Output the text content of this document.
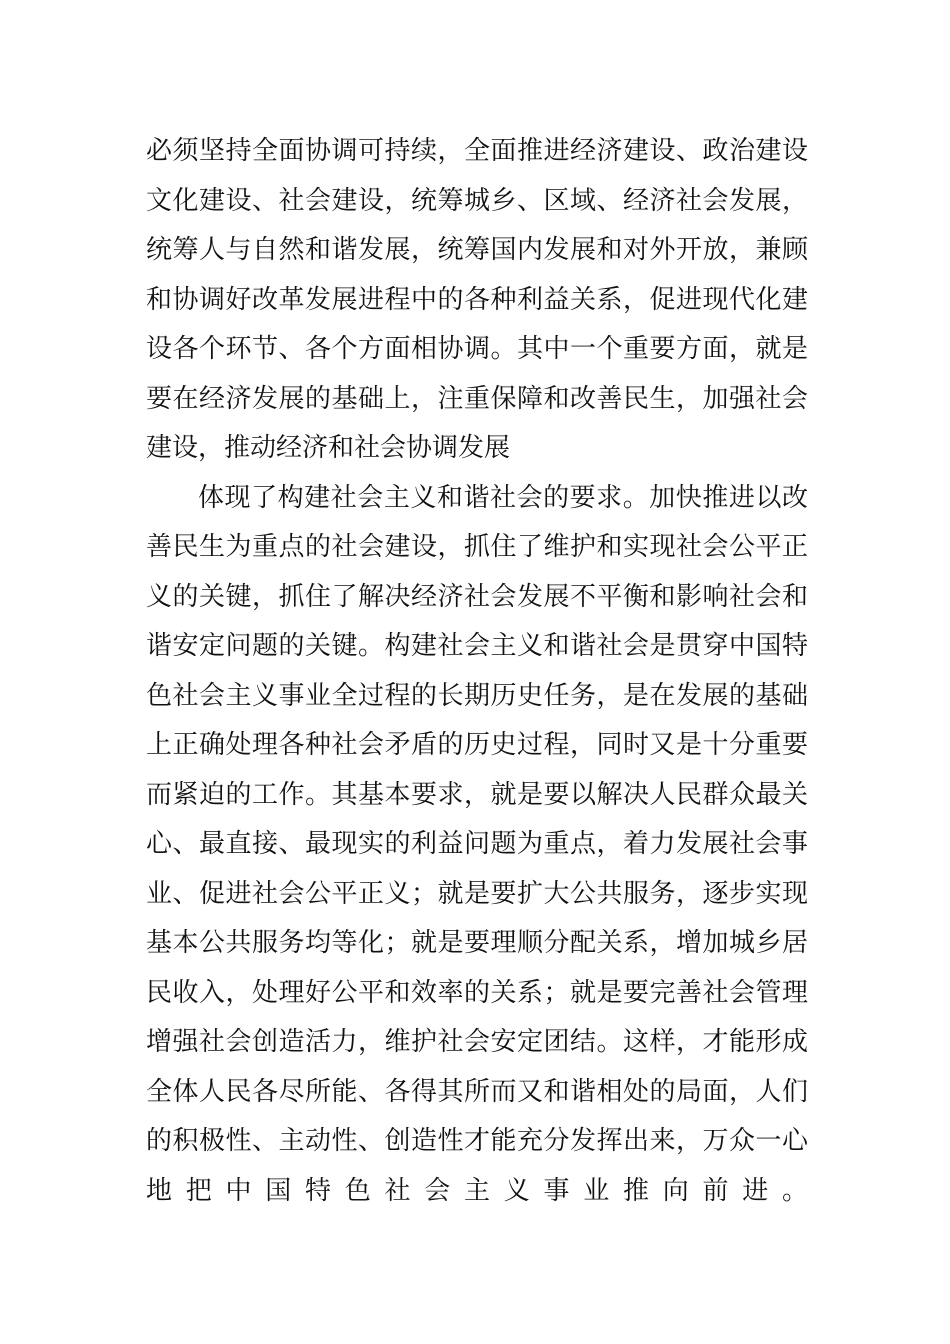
必须坚持全面协调可持续，全面推进经济建设、政治建设
文化建设、社会建设，统筹城乡、区域、经济社会发展，
统筹人与自然和谐发展，统筹国内发展和对外开放，兼顾
和协调好改革发展进程中的各种利益关系，促进现代化建
设各个环节、各个方面相协调。其中一个重要方面，就是
要在经济发展的基础上，注重保障和改善民生，加强社会
建设，推动经济和社会协调发展
体现了构建社会主义和谐社会的要求。加快推进以改
善民生为重点的社会建设，抓住了维护和实现社会公平正
义的关键，抓住了解决经济社会发展不平衡和影响社会和
谐安定问题的关键。构建社会主义和谐社会是贯穿中国特
色社会主义事业全过程的长期历史任务，是在发展的基础
上正确处理各种社会矛盾的历史过程，同时又是十分重要
而紧迫的工作。其基本要求，就是要以解决人民群众最关
心、最直接、最现实的利益问题为重点，着力发展社会事
业、促进社会公平正义；就是要扩大公共服务，逐步实现
基本公共服务均等化；就是要理顺分配关系，增加城乡居
民收入，处理好公平和效率的关系；就是要完善社会管理
增强社会创造活力，维护社会安定团结。这样，才能形成
全体人民各尽所能、各得其所而又和谐相处的局面，人们
的积极性、主动性、创造性才能充分发挥出来，万众一心
地把中国特色社会主义事业推向前进。
